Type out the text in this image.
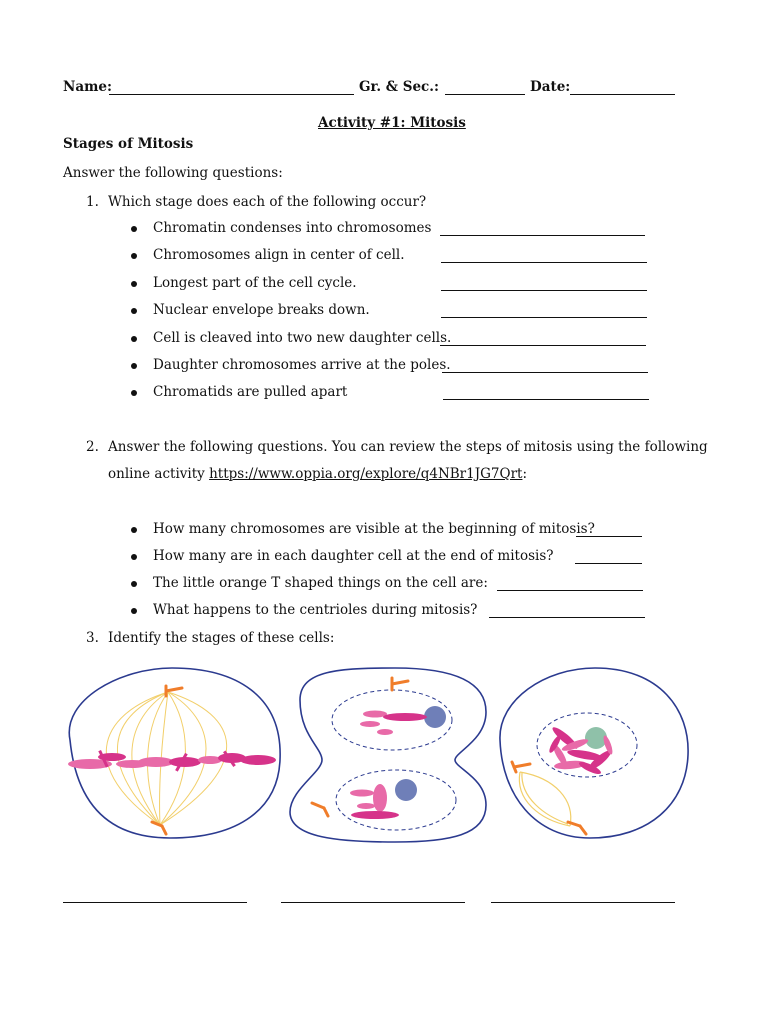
Name:	Gr. & Sec.:	Date:
Activity #1: Mitosis
Stages of Mitosis
Answer the following questions:
1. Which stage does each of the following occur?
Chromatin condenses into chromosomes
Chromosomes align in center of cell.
Longest part of the cell cycle.
Nuclear envelope breaks down.
Cell is cleaved into two new daughter cells.
Daughter chromosomes arrive at the poles.
Chromatids are pulled apart
2. Answer the following questions. You can review the steps of mitosis using the following
online activity https://www.oppia.org/explore/q4NBr1JG7Qrt:
How many chromosomes are visible at the beginning of mitosis?
How many are in each daughter cell at the end of mitosis?
The little orange T shaped things on the cell are:
What happens to the centrioles during mitosis?
3. Identify the stages of these cells:
